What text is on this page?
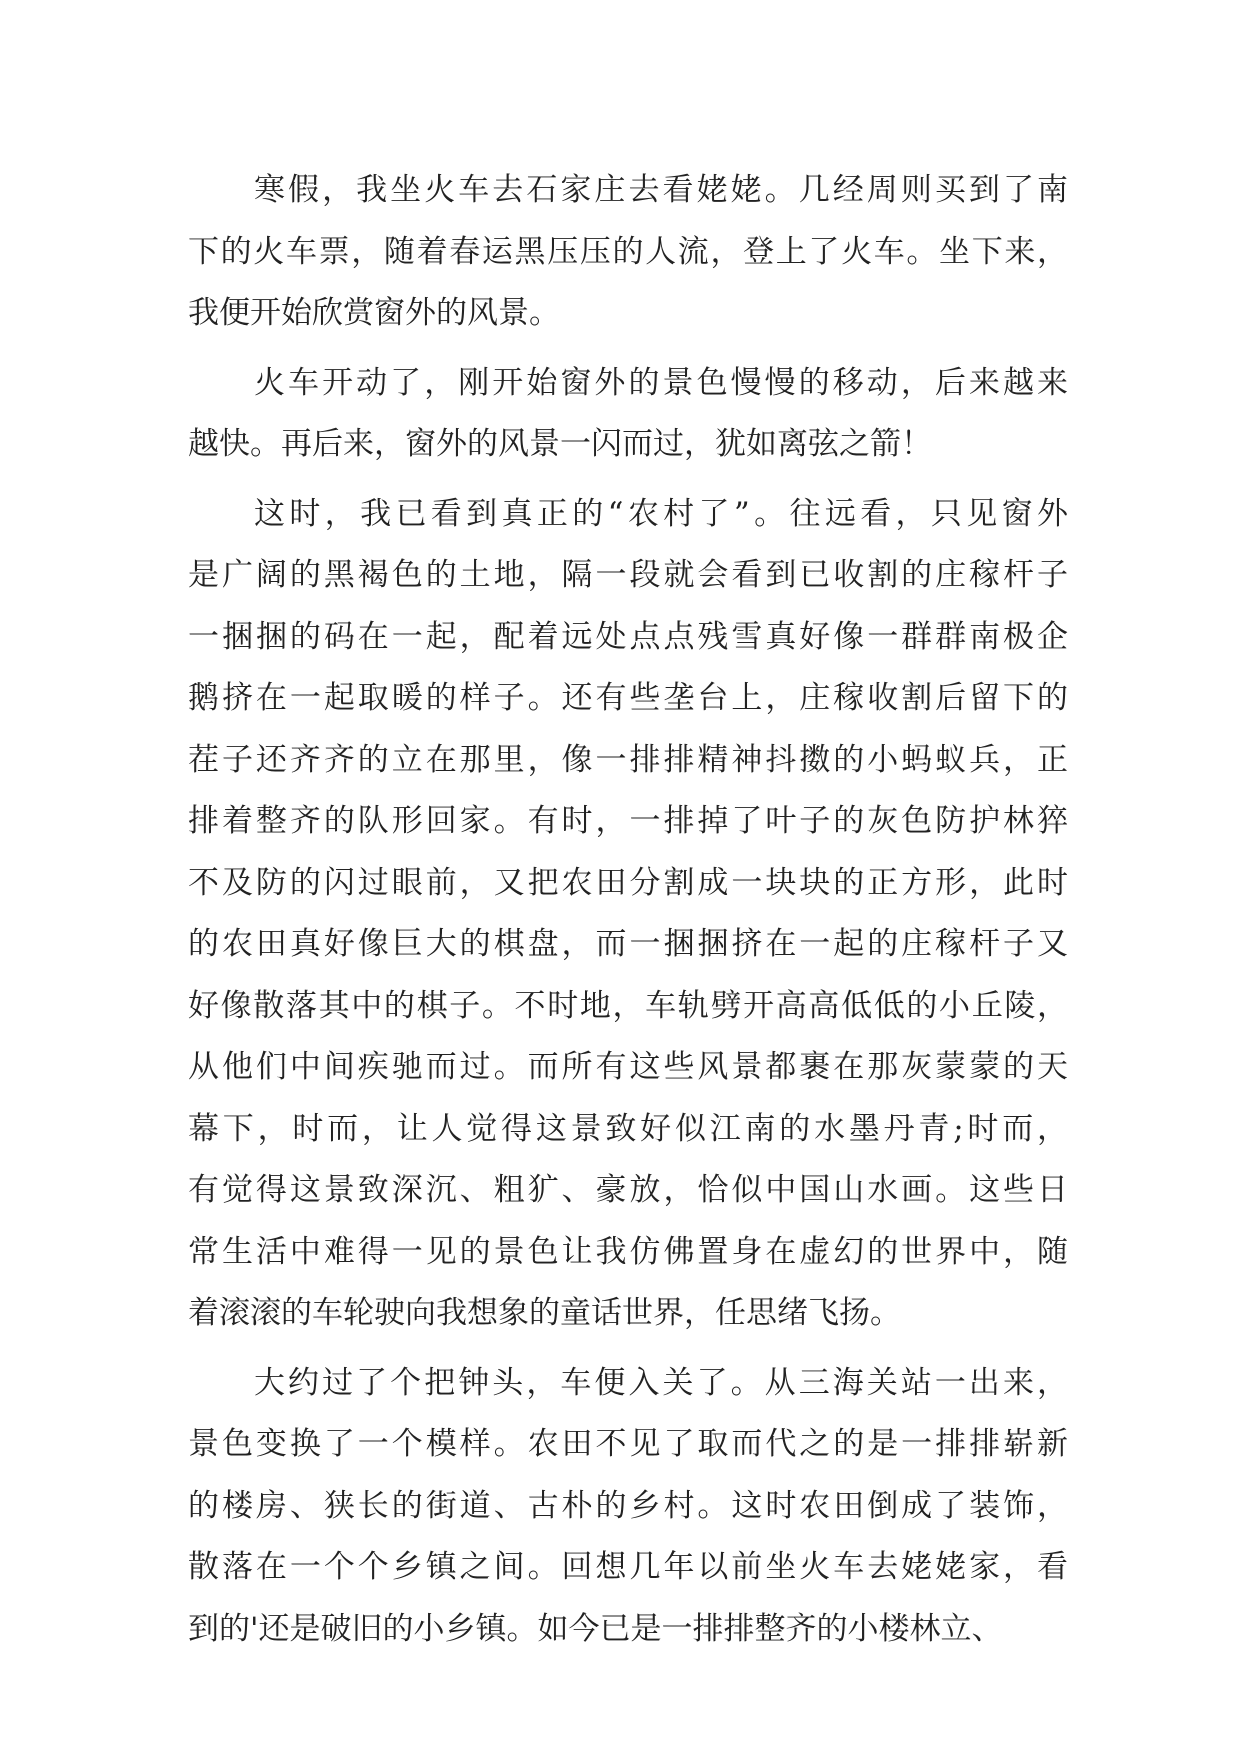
寒假，我坐火车去石家庄去看姥姥。几经周则买到了南
下的火车票，随着春运黑压压的人流，登上了火车。坐下来，
我便开始欣赏窗外的风景。
火车开动了，刚开始窗外的景色慢慢的移动，后来越来
越快。再后来，窗外的风景一闪而过，犹如离弦之箭！
这时，我已看到真正的“农村了”。往远看，只见窗外
是广阔的黑褐色的土地，隔一段就会看到已收割的庄稼杆子
一捆捆的码在一起，配着远处点点残雪真好像一群群南极企
鹅挤在一起取暖的样子。还有些垄台上，庄稼收割后留下的
茬子还齐齐的立在那里，像一排排精神抖擞的小蚂蚁兵，正
排着整齐的队形回家。有时，一排掉了叶子的灰色防护林猝
不及防的闪过眼前，又把农田分割成一块块的正方形，此时
的农田真好像巨大的棋盘，而一捆捆挤在一起的庄稼杆子又
好像散落其中的棋子。不时地，车轨劈开高高低低的小丘陵，
从他们中间疾驰而过。而所有这些风景都裹在那灰蒙蒙的天
幕下，时而，让人觉得这景致好似江南的水墨丹青;时而，
有觉得这景致深沉、粗犷、豪放，恰似中国山水画。这些日
常生活中难得一见的景色让我仿佛置身在虚幻的世界中，随
着滚滚的车轮驶向我想象的童话世界，任思绪飞扬。
大约过了个把钟头，车便入关了。从三海关站一出来，
景色变换了一个模样。农田不见了取而代之的是一排排崭新
的楼房、狭长的街道、古朴的乡村。这时农田倒成了装饰，
散落在一个个乡镇之间。回想几年以前坐火车去姥姥家，看
到的'还是破旧的小乡镇。如今已是一排排整齐的小楼林立、
